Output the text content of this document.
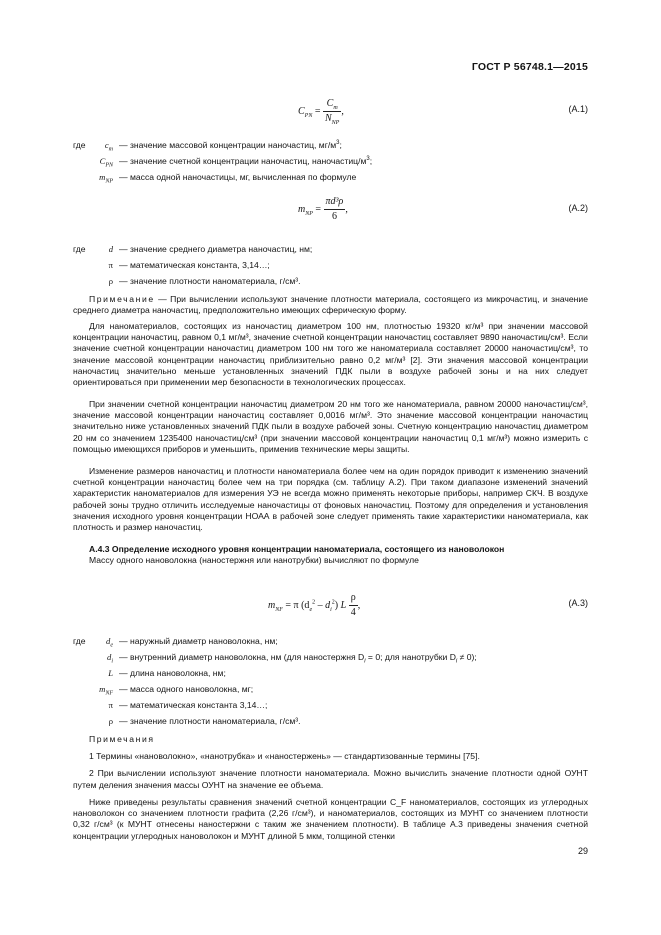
ГОСТ Р 56748.1—2015
$C_{PN} = \frac{C_m}{N_{NP}}$ ,	(А.1)
где	$c_m$ — значение массовой концентрации наночастиц, $мг/м^3$;
$C_{PN}$ — значение счетной концентрации наночастиц, наночастиц/$м^3$;
$m_{NP}$ — масса одной наночастицы, мг, вычисленная по формуле
$m_{NP} = \frac{\text{πd³ρ}}{6}$ ,	(А.2)
где	d — значение среднего диаметра наночастиц, нм;
π — математическая константа, 3,14…;
ρ — значение плотности наноматериала, г/см³.

Примечание — При вычислении используют значение плотности материала, состоящего из микрочастиц, и значение среднего диаметра наночастиц, предположительно имеющих сферическую форму.

Для наноматериалов, состоящих из наночастиц диаметром 100 нм, плотностью 19320 кг/м³ при значении массовой концентрации наночастиц, равном 0,1 мг/м³, значение счетной концентрации наночастиц составляет 9890 наночастиц/см³. Если значение счетной концентрации наночастиц диаметром 100 нм того же наноматериала составляет 20000 наночастиц/см³, то значение массовой концентрации наночастиц приблизительно равно 0,2 мг/м³ [2]. Эти значения массовой концентрации наночастиц значительно меньше установленных значений ПДК пыли в воздухе рабочей зоны и на них следует ориентироваться при применении мер безопасности в технологических процессах.

При значении счетной концентрации наночастиц диаметром 20 нм того же наноматериала, равном 20000 наночастиц/см³, значение массовой концентрации наночастиц составляет 0,0016 мг/м³. Это значение массовой концентрации наночастиц значительно ниже установленных значений ПДК пыли в воздухе рабочей зоны. Счетную концентрацию наночастиц диаметром 20 нм со значением 1235400 наночастиц/см³ (при значении массовой концентрации наночастиц 0,1 мг/м³) можно измерить с помощью имеющихся приборов и уменьшить, применив технические меры защиты.

Изменение размеров наночастиц и плотности наноматериала более чем на один порядок приводит к изменению значений счетной концентрации наночастиц более чем на три порядка (см. таблицу А.2). При таком диапазоне изменений значений характеристик наноматериалов для измерения УЭ не всегда можно применять некоторые приборы, например СКЧ. В воздухе рабочей зоны трудно отличить исследуемые наночастицы от фоновых наночастиц. Поэтому для определения и установления значения исходного уровня концентрации НОАА в рабочей зоне следует применять такие характеристики наноматериала, как плотность и размер наночастиц.

А.4.3 Определение исходного уровня концентрации наноматериала, состоящего из нановолокон

Массу одного нановолокна (наностержня или нанотрубки) вычисляют по формуле

$m_{NF} = \pi$ $(d_e^2 - d_i^2)$ L $\frac{\rho}{4}$ ,	(А.3)
где	$d_e$ — наружный диаметр нановолокна, нм;
$d_i$ — внутренний диаметр нановолокна, нм (для наностержня $D_i = 0$; для нанотрубки $D_i \ne 0$);
L — длина нановолокна, нм;
$m_{NF}$ — масса одного нановолокна, мг;
π — математическая константа 3,14…;
ρ — значение плотности наноматериала, г/см³.

Примечания

1 Термины «нановолокно», «нанотрубка» и «наностержень» — стандартизованные термины [75].

2 При вычислении используют значение плотности наноматериала. Можно вычислить значение плотности одной ОУНТ путем деления значения массы ОУНТ на значение ее объема.

Ниже приведены результаты сравнения значений счетной концентрации C_F наноматериалов, состоящих из углеродных нановолокон со значением плотности графита (2,26 г/см³), и наноматериалов, состоящих из МУНТ со значением плотности 0,32 г/см³ (к МУНТ отнесены наностержни с таким же значением плотности). В таблице А.3 приведены значения счетной концентрации углеродных нановолокон и МУНТ длиной 5 мкм, толщиной стенки

29
